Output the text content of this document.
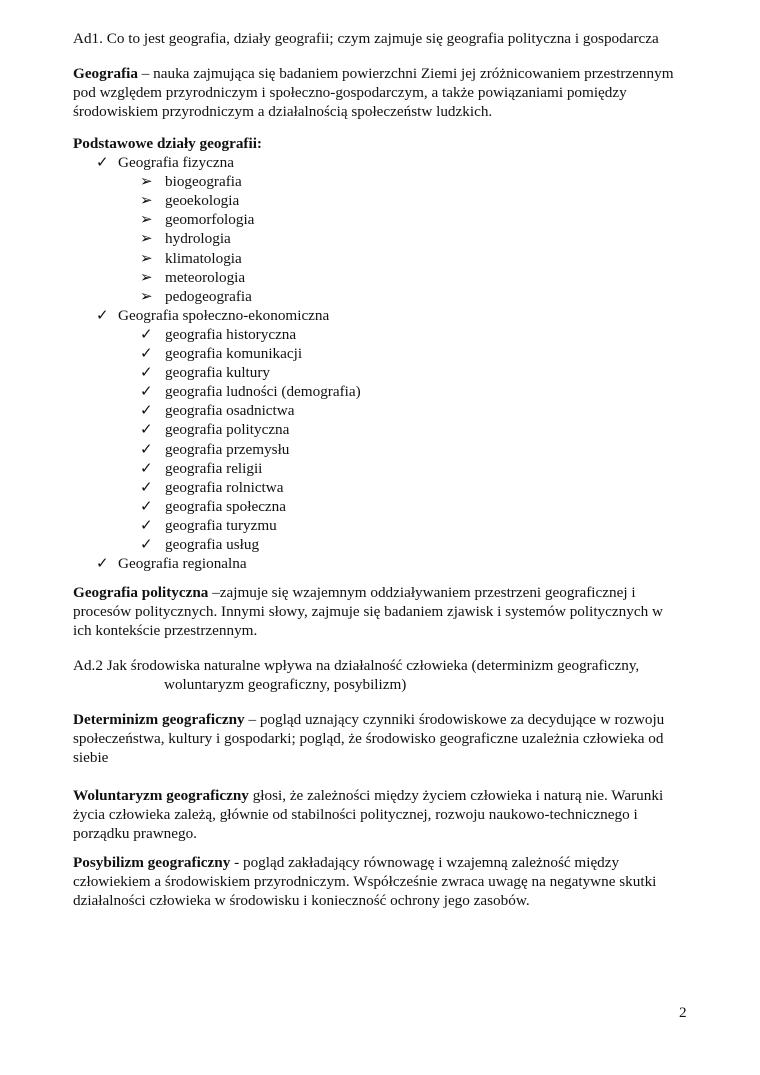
Ad1. Co to jest geografia, działy geografii; czym zajmuje się geografia polityczna i gospodarcza
Geografia – nauka zajmująca się badaniem powierzchni Ziemi jej zróżnicowaniem przestrzennym
pod względem przyrodniczym i społeczno-gospodarczym, a także powiązaniami pomiędzy
środowiskiem przyrodniczym a działalnością społeczeństw ludzkich.
Podstawowe działy geografii:
✓ Geografia fizyczna
➢ biogeografia
➢ geoekologia
➢ geomorfologia
➢ hydrologia
➢ klimatologia
➢ meteorologia
➢ pedogeografia
✓ Geografia społeczno-ekonomiczna
✓ geografia historyczna
✓ geografia komunikacji
✓ geografia kultury
✓ geografia ludności (demografia)
✓ geografia osadnictwa
✓ geografia polityczna
✓ geografia przemysłu
✓ geografia religii
✓ geografia rolnictwa
✓ geografia społeczna
✓ geografia turyzmu
✓ geografia usług
✓ Geografia regionalna
Geografia polityczna –zajmuje się wzajemnym oddziaływaniem przestrzeni geograficznej i
procesów politycznych. Innymi słowy, zajmuje się badaniem zjawisk i systemów politycznych w
ich kontekście przestrzennym.
Ad.2 Jak środowiska naturalne wpływa na działalność człowieka (determinizm geograficzny,
woluntaryzm geograficzny, posybilizm)
Determinizm geograficzny – pogląd uznający czynniki środowiskowe za decydujące w rozwoju
społeczeństwa, kultury i gospodarki; pogląd, że środowisko geograficzne uzależnia człowieka od
siebie
Woluntaryzm geograficzny głosi, że zależności między życiem człowieka i naturą nie. Warunki
życia człowieka zależą, głównie od stabilności politycznej, rozwoju naukowo-technicznego i
porządku prawnego.
Posybilizm geograficzny - pogląd zakładający równowagę i wzajemną zależność między
człowiekiem a środowiskiem przyrodniczym. Współcześnie zwraca uwagę na negatywne skutki
działalności człowieka w środowisku i konieczność ochrony jego zasobów.
2
